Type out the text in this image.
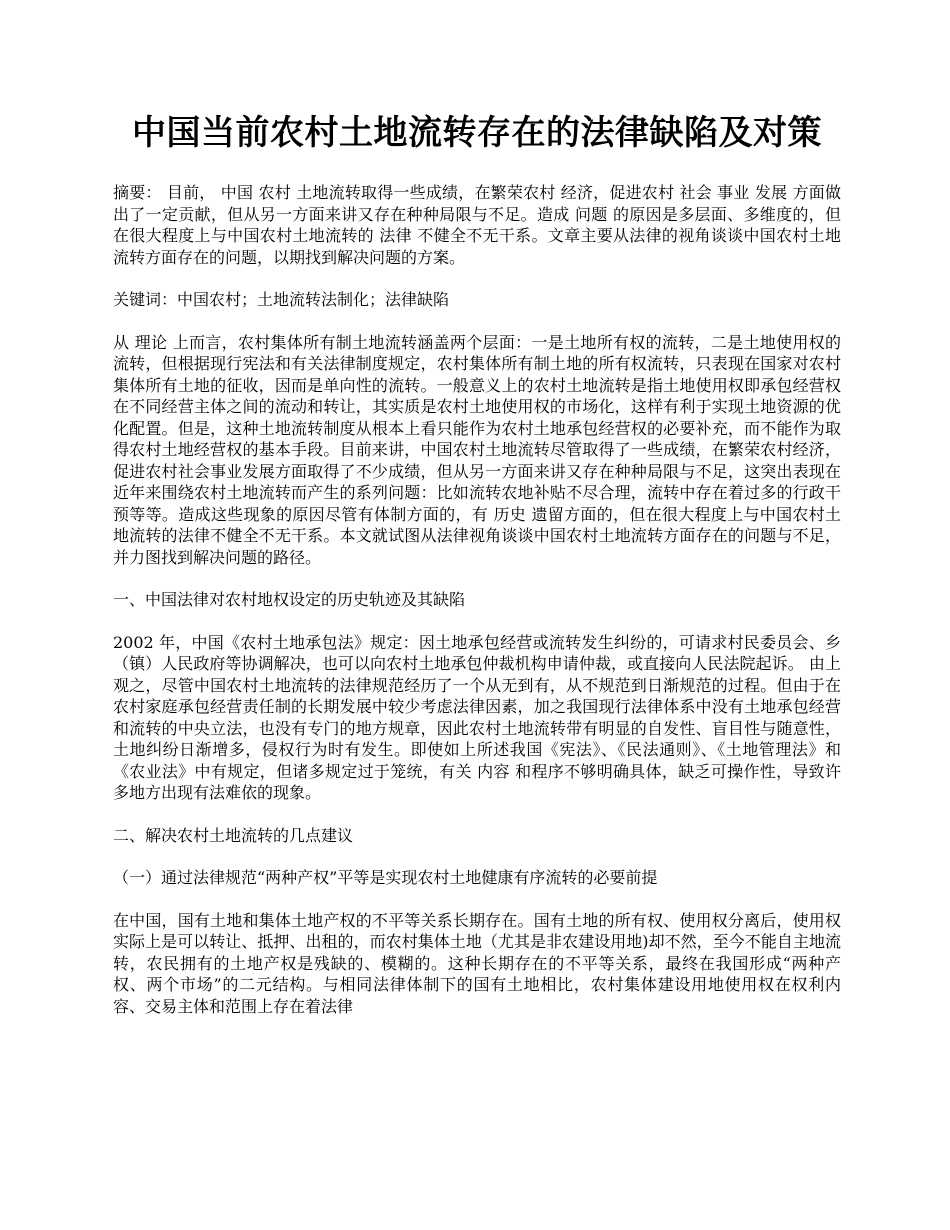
中国当前农村土地流转存在的法律缺陷及对策

摘要： 目前， 中国 农村 土地流转取得一些成绩，在繁荣农村 经济，促进农村 社会 事业 发展 方面做出了一定贡献，但从另一方面来讲又存在种种局限与不足。造成 问题 的原因是多层面、多维度的，但在很大程度上与中国农村土地流转的 法律 不健全不无干系。文章主要从法律的视角谈谈中国农村土地流转方面存在的问题，以期找到解决问题的方案。

关键词：中国农村；土地流转法制化；法律缺陷

从 理论 上而言，农村集体所有制土地流转涵盖两个层面：一是土地所有权的流转，二是土地使用权的流转，但根据现行宪法和有关法律制度规定，农村集体所有制土地的所有权流转，只表现在国家对农村集体所有土地的征收，因而是单向性的流转。一般意义上的农村土地流转是指土地使用权即承包经营权在不同经营主体之间的流动和转让，其实质是农村土地使用权的市场化，这样有利于实现土地资源的优化配置。但是，这种土地流转制度从根本上看只能作为农村土地承包经营权的必要补充，而不能作为取得农村土地经营权的基本手段。目前来讲，中国农村土地流转尽管取得了一些成绩，在繁荣农村经济，促进农村社会事业发展方面取得了不少成绩，但从另一方面来讲又存在种种局限与不足，这突出表现在近年来围绕农村土地流转而产生的系列问题：比如流转农地补贴不尽合理，流转中存在着过多的行政干预等等。造成这些现象的原因尽管有体制方面的，有 历史 遗留方面的，但在很大程度上与中国农村土地流转的法律不健全不无干系。本文就试图从法律视角谈谈中国农村土地流转方面存在的问题与不足，并力图找到解决问题的路径。

一、中国法律对农村地权设定的历史轨迹及其缺陷

2002 年，中国《农村土地承包法》规定：因土地承包经营或流转发生纠纷的，可请求村民委员会、乡（镇）人民政府等协调解决，也可以向农村土地承包仲裁机构申请仲裁，或直接向人民法院起诉。 由上观之，尽管中国农村土地流转的法律规范经历了一个从无到有，从不规范到日渐规范的过程。但由于在农村家庭承包经营责任制的长期发展中较少考虑法律因素，加之我国现行法律体系中没有土地承包经营和流转的中央立法，也没有专门的地方规章，因此农村土地流转带有明显的自发性、盲目性与随意性，土地纠纷日渐增多，侵权行为时有发生。即使如上所述我国《宪法》、《民法通则》、《土地管理法》和《农业法》中有规定，但诸多规定过于笼统，有关 内容 和程序不够明确具体，缺乏可操作性，导致许多地方出现有法难依的现象。

二、解决农村土地流转的几点建议

（一）通过法律规范“两种产权”平等是实现农村土地健康有序流转的必要前提

在中国，国有土地和集体土地产权的不平等关系长期存在。国有土地的所有权、使用权分离后，使用权实际上是可以转让、抵押、出租的，而农村集体土地（尤其是非农建设用地)却不然，至今不能自主地流转，农民拥有的土地产权是残缺的、模糊的。这种长期存在的不平等关系，最终在我国形成“两种产权、两个市场”的二元结构。与相同法律体制下的国有土地相比，农村集体建设用地使用权在权利内容、交易主体和范围上存在着法律
